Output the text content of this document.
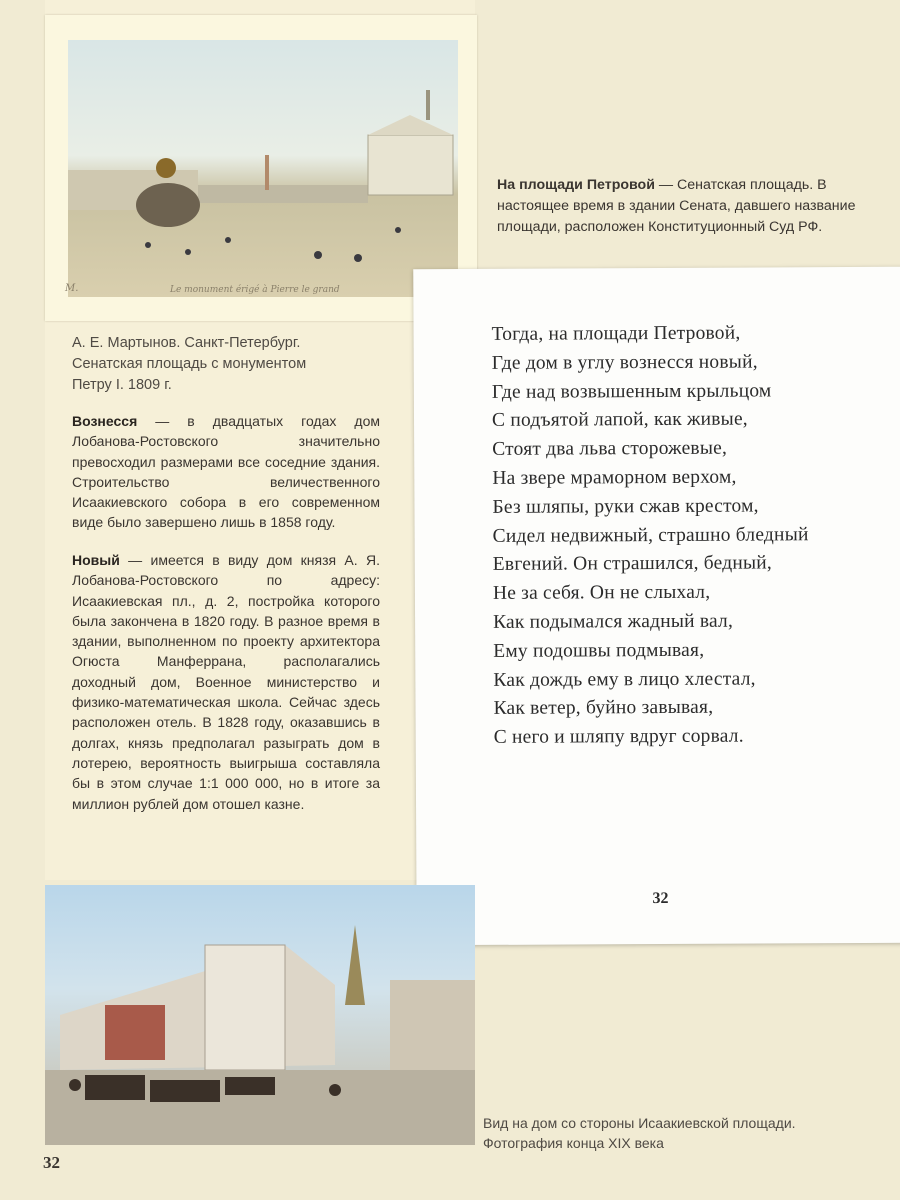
M.	Le monument érigé à Pierre le grand
А. Е. Мартынов. Санкт-Петербург.
Сенатская площадь с монументом
Петру I. 1809 г.
Вознесся — в двадцатых годах дом Лобанова-Ростовского значительно превосходил размерами все соседние здания. Строительство величественного Исаакиевского собора в его современном виде было завершено лишь в 1858 году.
Новый — имеется в виду дом князя А. Я. Лобанова-Ростовского по адресу: Исаакиевская пл., д. 2, постройка которого была закончена в 1820 году. В разное время в здании, выполненном по проекту архитектора Огюста Манферрана, располагались доходный дом, Военное министерство и физико-математическая школа. Сейчас здесь расположен отель. В 1828 году, оказавшись в долгах, князь предполагал разыграть дом в лотерею, вероятность выигрыша составляла бы в этом случае 1:1 000 000, но в итоге за миллион рублей дом отошел казне.
На площади Петровой — Сенатская площадь. В настоящее время в здании Сената, давшего название площади, расположен Конституционный Суд РФ.
Тогда, на площади Петровой,
Где дом в углу вознесся новый,
Где над возвышенным крыльцом
С подъятой лапой, как живые,
Стоят два льва сторожевые,
На звере мраморном верхом,
Без шляпы, руки сжав крестом,
Сидел недвижный, страшно бледный
Евгений. Он страшился, бедный,
Не за себя. Он не слыхал,
Как подымался жадный вал,
Ему подошвы подмывая,
Как дождь ему в лицо хлестал,
Как ветер, буйно завывая,
С него и шляпу вдруг сорвал.
32
Вид на дом со стороны Исаакиевской площади.
Фотография конца XIX века
32
